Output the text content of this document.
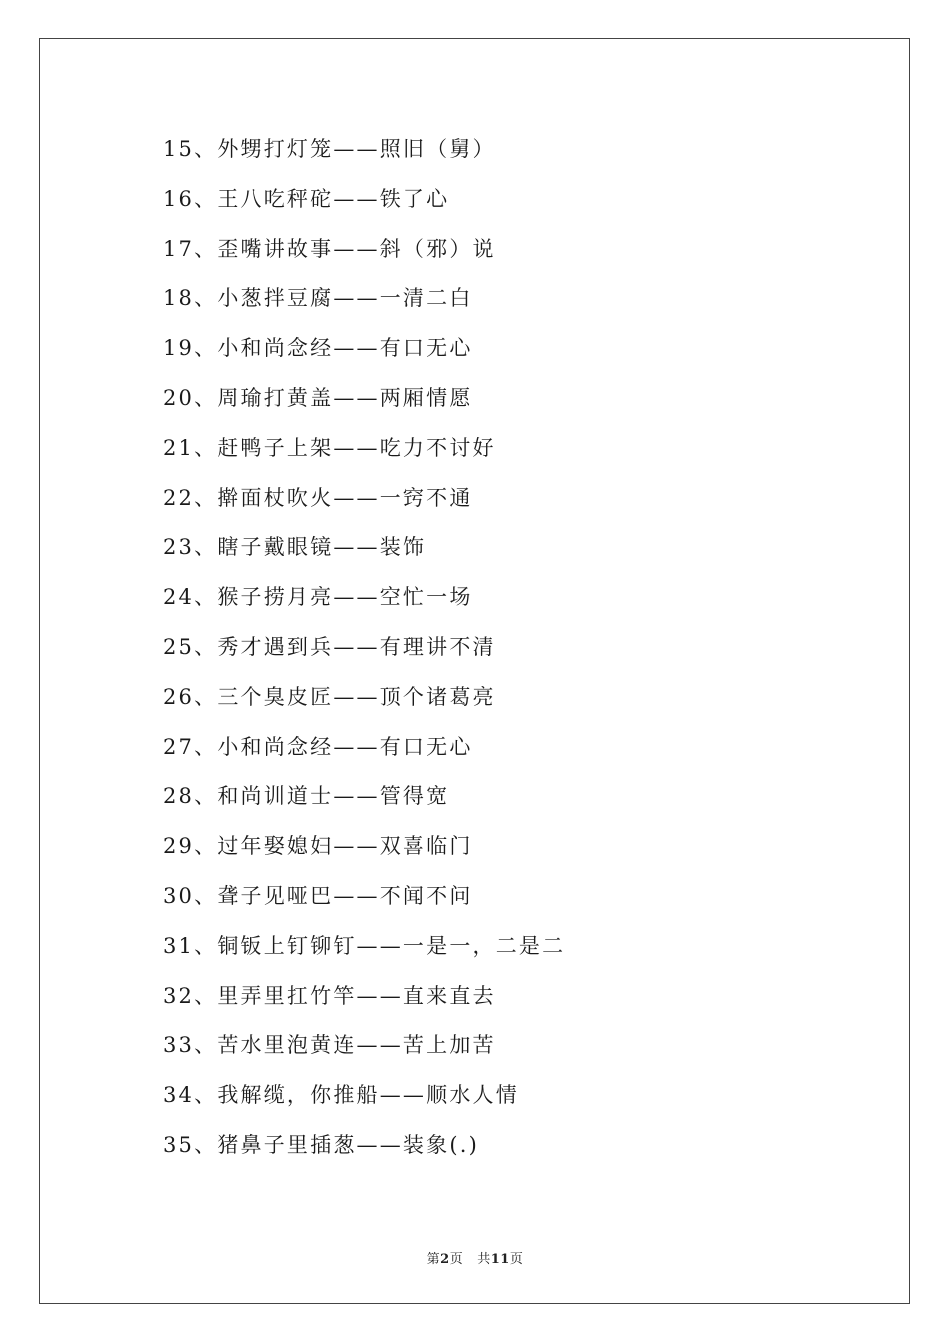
15、外甥打灯笼——照旧（舅）
16、王八吃秤砣——铁了心
17、歪嘴讲故事——斜（邪）说
18、小葱拌豆腐——一清二白
19、小和尚念经——有口无心
20、周瑜打黄盖——两厢情愿
21、赶鸭子上架——吃力不讨好
22、擀面杖吹火——一窍不通
23、瞎子戴眼镜——装饰
24、猴子捞月亮——空忙一场
25、秀才遇到兵——有理讲不清
26、三个臭皮匠——顶个诸葛亮
27、小和尚念经——有口无心
28、和尚训道士——管得宽
29、过年娶媳妇——双喜临门
30、聋子见哑巴——不闻不问
31、铜钣上钉铆钉——一是一，二是二
32、里弄里扛竹竿——直来直去
33、苦水里泡黄连——苦上加苦
34、我解缆，你推船——顺水人情
35、猪鼻子里插葱——装象(.)
第2页 共11页
